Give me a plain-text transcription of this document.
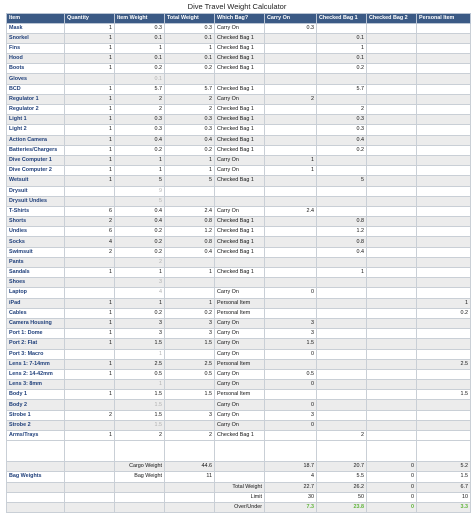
Dive Travel Weight Calculator
Item	Quantity	Item Weight	Total Weight	Which Bag?	Carry On	Checked Bag 1	Checked Bag 2	Personal Item
Mask	1	0.3	0.3	Carry On	0.3			
Snorkel	1	0.1	0.1	Checked Bag 1		0.1		
Fins	1	1	1	Checked Bag 1		1		
Hood	1	0.1	0.1	Checked Bag 1		0.1		
Boots	1	0.2	0.2	Checked Bag 1		0.2		
Gloves		0.1						
BCD	1	5.7	5.7	Checked Bag 1		5.7		
Regulator 1	1	2	2	Carry On	2			
Regulator 2	1	2	2	Checked Bag 1		2		
Light 1	1	0.3	0.3	Checked Bag 1		0.3		
Light 2	1	0.3	0.3	Checked Bag 1		0.3		
Action Camera	1	0.4	0.4	Checked Bag 1		0.4		
Batteries/Chargers	1	0.2	0.2	Checked Bag 1		0.2		
Dive Computer 1	1	1	1	Carry On	1			
Dive Computer 2	1	1	1	Carry On	1			
Wetsuit	1	5	5	Checked Bag 1		5		
Drysuit		9						
Drysuit Undies		5						
T-Shirts	6	0.4	2.4	Carry On	2.4			
Shorts	2	0.4	0.8	Checked Bag 1		0.8		
Undies	6	0.2	1.2	Checked Bag 1		1.2		
Socks	4	0.2	0.8	Checked Bag 1		0.8		
Swimsuit	2	0.2	0.4	Checked Bag 1		0.4		
Pants		2						
Sandals	1	1	1	Checked Bag 1		1		
Shoes		3						
Laptop		4		Carry On	0			
iPad	1	1	1	Personal Item				1
Cables	1	0.2	0.2	Personal Item				0.2
Camera Housing	1	3	3	Carry On	3			
Port 1: Dome	1	3	3	Carry On	3			
Port 2: Flat	1	1.5	1.5	Carry On	1.5			
Port 3: Macro		1		Carry On	0			
Lens 1: 7-14mm	1	2.5	2.5	Personal Item				2.5
Lens 2: 14-42mm	1	0.5	0.5	Carry On	0.5			
Lens 3: 8mm		1		Carry On	0			
Body 1	1	1.5	1.5	Personal Item				1.5
Body 2		1.5		Carry On	0			
Strobe 1	2	1.5	3	Carry On	3			
Strobe 2		1.5		Carry On	0			
Arms/Trays	1	2	2	Checked Bag 1		2		

		Cargo Weight	44.6		18.7	20.7	0	5.2
Bag Weights		Bag Weight	11		4	5.5	0	1.5
				Total Weight	22.7	26.2	0	6.7
				Limit	30	50	0	10
				Over/Under	7.3	23.8	0	3.3
